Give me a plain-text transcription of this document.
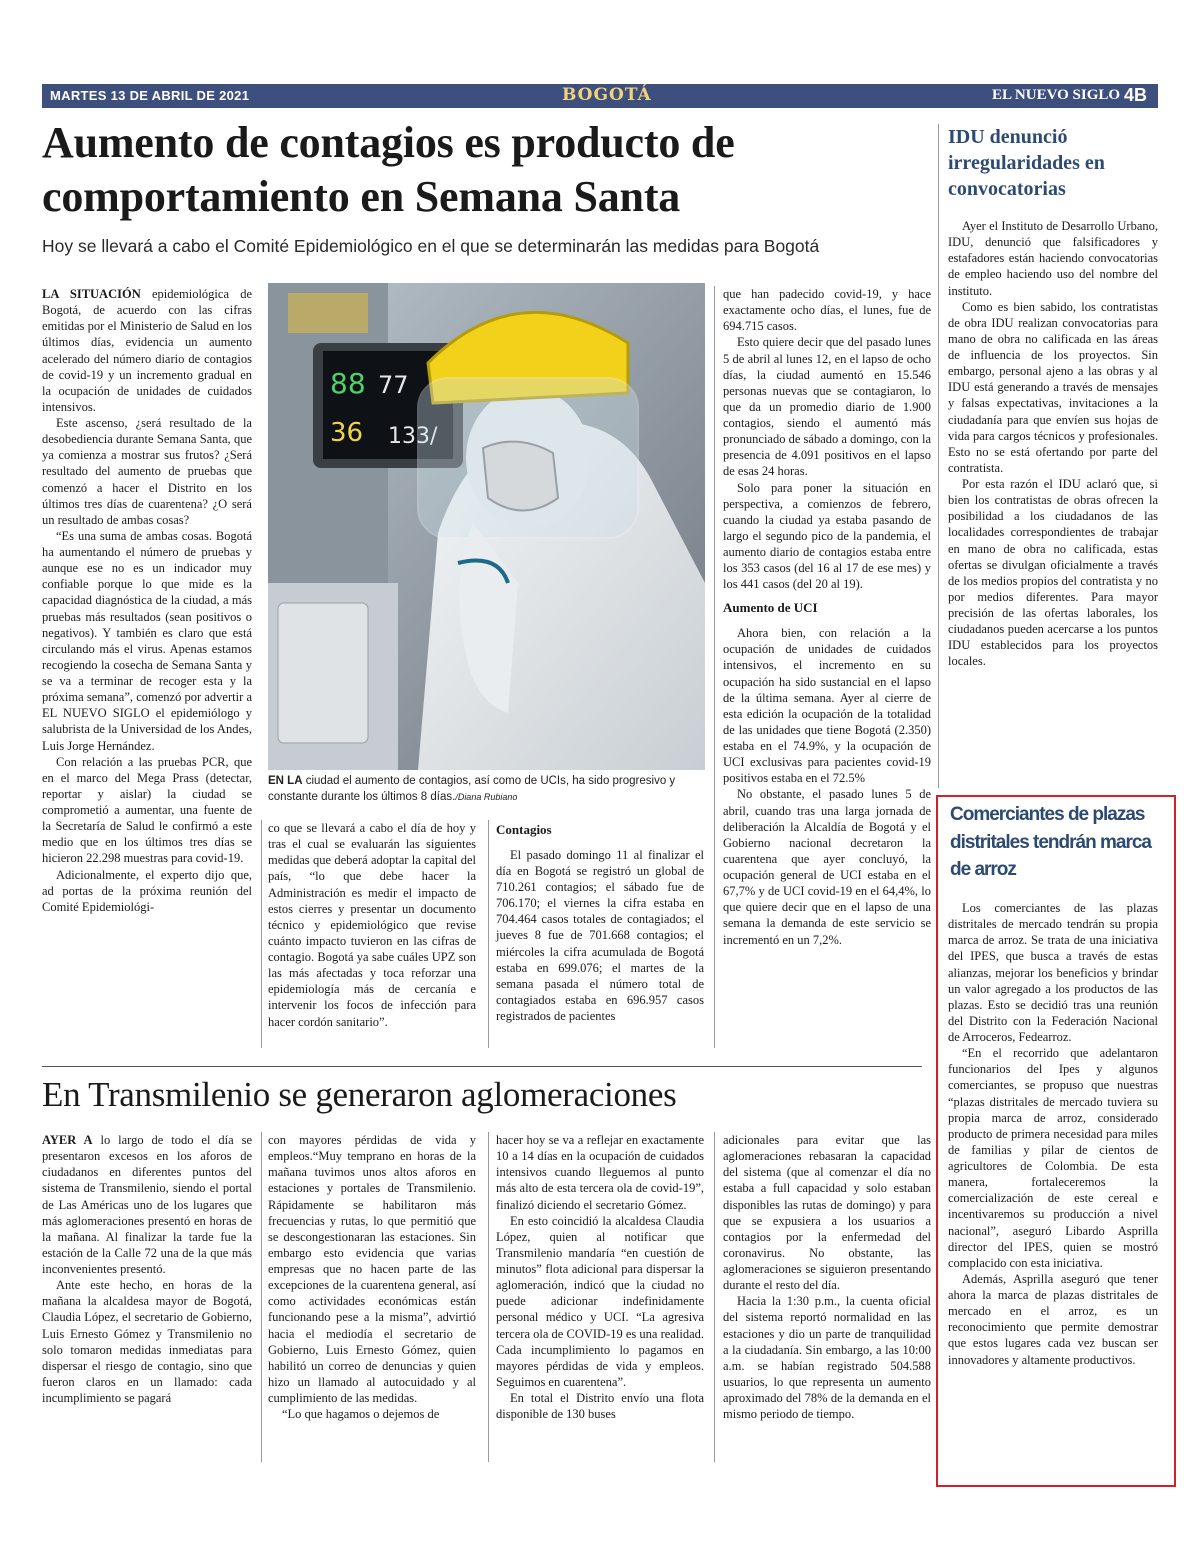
MARTES 13 DE ABRIL DE 2021	BOGOTÁ	EL NUEVO SIGLO 4B
Aumento de contagios es producto de comportamiento en Semana Santa
Hoy se llevará a cabo el Comité Epidemiológico en el que se determinarán las medidas para Bogotá

LA SITUACIÓN epidemiológica de Bogotá, de acuerdo con las cifras emitidas por el Ministerio de Salud en los últimos días, evidencia un aumento acelerado del número diario de contagios de covid-19 y un incremento gradual en la ocupación de unidades de cuidados intensivos.

Este ascenso, ¿será resultado de la desobediencia durante Semana Santa, que ya comienza a mostrar sus frutos? ¿Será resultado del aumento de pruebas que comenzó a hacer el Distrito en los últimos tres días de cuarentena? ¿O será un resultado de ambas cosas?

“Es una suma de ambas cosas. Bogotá ha aumentando el número de pruebas y aunque ese no es un indicador muy confiable porque lo que mide es la capacidad diagnóstica de la ciudad, a más pruebas más resultados (sean positivos o negativos). Y también es claro que está circulando más el virus. Apenas estamos recogiendo la cosecha de Semana Santa y se va a terminar de recoger esta y la próxima semana”, comenzó por advertir a EL NUEVO SIGLO el epidemiólogo y salubrista de la Universidad de los Andes, Luis Jorge Hernández.

Con relación a las pruebas PCR, que en el marco del Mega Prass (detectar, reportar y aislar) la ciudad se comprometió a aumentar, una fuente de la Secretaría de Salud le confirmó a este medio que en los últimos tres días se hicieron 22.298 muestras para covid-19.

Adicionalmente, el experto dijo que, ad portas de la próxima reunión del Comité Epidemiológi-

88 77
36 133/
EN LA ciudad el aumento de contagios, así como de UCIs, ha sido progresivo y constante durante los últimos 8 días./Diana Rubiano

co que se llevará a cabo el día de hoy y tras el cual se evaluarán las siguientes medidas que deberá adoptar la capital del país, “lo que debe hacer la Administración es medir el impacto de estos cierres y presentar un documento técnico y epidemiológico que revise cuánto impacto tuvieron en las cifras de contagio. Bogotá ya sabe cuáles UPZ son las más afectadas y toca reforzar una epidemiología más de cercanía e intervenir los focos de infección para hacer cordón sanitario”.

Contagios

El pasado domingo 11 al finalizar el día en Bogotá se registró un global de 710.261 contagios; el sábado fue de 706.170; el viernes la cifra estaba en 704.464 casos totales de contagiados; el jueves 8 fue de 701.668 contagios; el miércoles la cifra acumulada de Bogotá estaba en 699.076; el martes de la semana pasada el número total de contagiados estaba en 696.957 casos registrados de pacientes

que han padecido covid-19, y hace exactamente ocho días, el lunes, fue de 694.715 casos.

Esto quiere decir que del pasado lunes 5 de abril al lunes 12, en el lapso de ocho días, la ciudad aumentó en 15.546 personas nuevas que se contagiaron, lo que da un promedio diario de 1.900 contagios, siendo el aumentó más pronunciado de sábado a domingo, con la presencia de 4.091 positivos en el lapso de esas 24 horas.

Solo para poner la situación en perspectiva, a comienzos de febrero, cuando la ciudad ya estaba pasando de largo el segundo pico de la pandemia, el aumento diario de contagios estaba entre los 353 casos (del 16 al 17 de ese mes) y los 441 casos (del 20 al 19).

Aumento de UCI

Ahora bien, con relación a la ocupación de unidades de cuidados intensivos, el incremento en su ocupación ha sido sustancial en el lapso de la última semana. Ayer al cierre de esta edición la ocupación de la totalidad de las unidades que tiene Bogotá (2.350) estaba en el 74.9%, y la ocupación de UCI exclusivas para pacientes covid-19 positivos estaba en el 72.5%

No obstante, el pasado lunes 5 de abril, cuando tras una larga jornada de deliberación la Alcaldía de Bogotá y el Gobierno nacional decretaron la cuarentena que ayer concluyó, la ocupación general de UCI estaba en el 67,7% y de UCI covid-19 en el 64,4%, lo que quiere decir que en el lapso de una semana la demanda de este servicio se incrementó en un 7,2%.

IDU denunció irregularidades en convocatorias

Ayer el Instituto de Desarrollo Urbano, IDU, denunció que falsificadores y estafadores están haciendo convocatorias de empleo haciendo uso del nombre del instituto.

Como es bien sabido, los contratistas de obra IDU realizan convocatorias para mano de obra no calificada en las áreas de influencia de los proyectos. Sin embargo, personal ajeno a las obras y al IDU está generando a través de mensajes y falsas expectativas, invitaciones a la ciudadanía para que envíen sus hojas de vida para cargos técnicos y profesionales. Esto no se está ofertando por parte del contratista.

Por esta razón el IDU aclaró que, si bien los contratistas de obras ofrecen la posibilidad a los ciudadanos de las localidades correspondientes de trabajar en mano de obra no calificada, estas ofertas se divulgan oficialmente a través de los medios propios del contratista y no por medios diferentes. Para mayor precisión de las ofertas laborales, los ciudadanos pueden acercarse a los puntos IDU establecidos para los proyectos locales.

Comerciantes de plazas distritales tendrán marca de arroz

Los comerciantes de las plazas distritales de mercado tendrán su propia marca de arroz. Se trata de una iniciativa del IPES, que busca a través de estas alianzas, mejorar los beneficios y brindar un valor agregado a los productos de las plazas. Esto se decidió tras una reunión del Distrito con la Federación Nacional de Arroceros, Fedearroz.

“En el recorrido que adelantaron funcionarios del Ipes y algunos comerciantes, se propuso que nuestras “plazas distritales de mercado tuviera su propia marca de arroz, considerado producto de primera necesidad para miles de familias y pilar de cientos de agricultores de Colombia. De esta manera, fortaleceremos la comercialización de este cereal e incentivaremos su producción a nivel nacional”, aseguró Libardo Asprilla director del IPES, quien se mostró complacido con esta iniciativa.

Además, Asprilla aseguró que tener ahora la marca de plazas distritales de mercado en el arroz, es un reconocimiento que permite demostrar que estos lugares cada vez buscan ser innovadores y altamente productivos.

En Transmilenio se generaron aglomeraciones

AYER A lo largo de todo el día se presentaron excesos en los aforos de ciudadanos en diferentes puntos del sistema de Transmilenio, siendo el portal de Las Américas uno de los lugares que más aglomeraciones presentó en horas de la mañana. Al finalizar la tarde fue la estación de la Calle 72 una de la que más inconvenientes presentó.

Ante este hecho, en horas de la mañana la alcaldesa mayor de Bogotá, Claudia López, el secretario de Gobierno, Luis Ernesto Gómez y Transmilenio no solo tomaron medidas inmediatas para dispersar el riesgo de contagio, sino que fueron claros en un llamado: cada incumplimiento se pagará

con mayores pérdidas de vida y empleos.“Muy temprano en horas de la mañana tuvimos unos altos aforos en estaciones y portales de Transmilenio. Rápidamente se habilitaron más frecuencias y rutas, lo que permitió que se descongestionaran las estaciones. Sin embargo esto evidencia que varias empresas que no hacen parte de las excepciones de la cuarentena general, así como actividades económicas están funcionando pese a la misma”, advirtió hacia el mediodía el secretario de Gobierno, Luis Ernesto Gómez, quien habilitó un correo de denuncias y quien hizo un llamado al autocuidado y al cumplimiento de las medidas.

“Lo que hagamos o dejemos de

hacer hoy se va a reflejar en exactamente 10 a 14 días en la ocupación de cuidados intensivos cuando lleguemos al punto más alto de esta tercera ola de covid-19”, finalizó diciendo el secretario Gómez.

En esto coincidió la alcaldesa Claudia López, quien al notificar que Transmilenio mandaría “en cuestión de minutos” flota adicional para dispersar la aglomeración, indicó que la ciudad no puede adicionar indefinidamente personal médico y UCI. “La agresiva tercera ola de COVID-19 es una realidad. Cada incumplimiento lo pagamos en mayores pérdidas de vida y empleos. Seguimos en cuarentena”.

En total el Distrito envío una flota disponible de 130 buses

adicionales para evitar que las aglomeraciones rebasaran la capacidad del sistema (que al comenzar el día no estaba a full capacidad y solo estaban disponibles las rutas de domingo) y para que se expusiera a los usuarios a contagios por la enfermedad del coronavirus. No obstante, las aglomeraciones se siguieron presentando durante el resto del día.

Hacia la 1:30 p.m., la cuenta oficial del sistema reportó normalidad en las estaciones y dio un parte de tranquilidad a la ciudadanía. Sin embargo, a las 10:00 a.m. se habían registrado 504.588 usuarios, lo que representa un aumento aproximado del 78% de la demanda en el mismo periodo de tiempo.
